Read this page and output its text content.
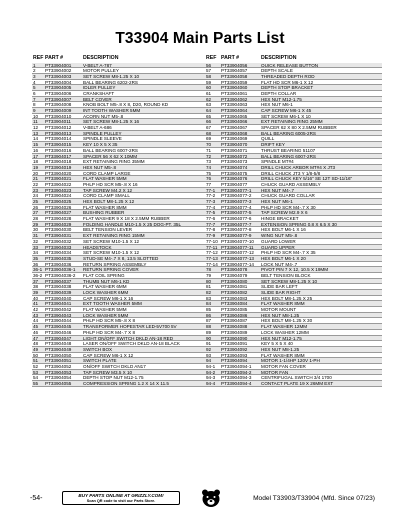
T33904 Main Parts List
REF PART #	DESCRIPTION
1	PT33904001	V-BELT A-787
2	PT33904002	MOTOR PULLEY
3	PT33904003	SET SCREW M8-1.25 X 10
4	PT33904004	BALL BEARING 6202-2RS
5	PT33904005	IDLER PULLEY
6	PT33904006	CRANKSHAFT
7	PT33904007	BELT COVER
8	PT33904008	KNOB BOLT M5-.8 X 8, D20, ROUND KD
9	PT33904009	INT TOOTH WASHER 5MM
10	PT33904010	ACORN NUT M5-.8
11	PT33904011	SET SCREW M8-1.25 X 16
12	PT33904012	V-BELT A-686
13	PT33904013	SPINDLE PULLEY
14	PT33904014	SPINDLE SLEEVE
15	PT33904015	KEY 10 X 5 X 35
16	PT33904016	BALL BEARING 6007-2RS
17	PT33904017	SPACER 56 X 62 X 10MM
18	PT33904018	EXT RETAINING RING 35MM
19	PT33904019	HEX NUT M5-.8
20	PT33904020	CORD CLAMP LARGE
21	PT33904021	FLAT WASHER 5MM
22	PT33904022	PHLP HD SCR M5-.8 X 16
23	PT33904023	TAP SCREW M4.2 X 12
24	PT33904024	CORD CLAMP SMALL
25	PT33904025	HEX BOLT M8-1.25 X 12
26	PT33904026	FLAT WASHER 8MM
27	PT33904027	BUSHING RUBBER
28	PT33904028	FLAT WASHER 9 X 18 X 2.5MM RUBBER
29	PT33904029	FOLDING HANDLE M10-1.5 X 25 DOG-PT, 35L
30	PT33904030	BELT TENSION LEVER
31	PT33904031	EXT RETAINING RING 15MM
32	PT33904032	SET SCREW M10-1.5 X 12
33	PT33904033	HEADSTOCK
34	PT33904034	SET SCREW M10-1.5 X 12
35	PT33904035	STUD-SE M4-.7 X 8, 13.5 SLOTTED
36	PT33904036	RETURN SPRING ASSEMBLY
36-1 PT33904036-1	RETURN SPRING COVER
36-2 PT33904036-2	FLAT COIL SPRING
37	PT33904037	THUMB NUT M6-1 KD
38	PT33904038	FLAT WASHER 6MM
39	PT33904039	LOCK WASHER 6MM
40	PT33904040	CAP SCREW M6-1 X 16
41	PT33904041	EXT TOOTH WASHER 5MM
42	PT33904042	FLAT WASHER 5MM
43	PT33904043	LOCK WASHER 5MM
44	PT33904044	PHLP HD SCR M5-.8 X 8
45	PT33904045	TRANSFORMER HOPESTAR LED-5V700 5V
46	PT33904046	PHLP HD SCR M4-.7 X 8
47	PT33904047	LIGHT ON/OFF SWITCH DKLD AN-18 RED
48	PT33904048	LASER ON/OFF SWITCH DKLD AN-18 BLACK
49	PT33904049	SWITCH BOX
50	PT33904050	CAP SCREW M6-1 X 12
51	PT33904051	SWITCH PLATE
52	PT33904052	ON/OFF SWITCH DKLD AN17
53	PT33904053	TAP SCREW M3.5 X 10
54	PT33904054	DEPTH STOP NUT M12-1.75
55	PT33904055	COMPRESSION SPRING 1.2 X 14 X 11.5
REF PART #	DESCRIPTION
56	PT33904056	QUICK RELEASE BUTTON
57	PT33904057	DEPTH SCALE
58	PT33904058	THREADED DEPTH ROD
59	PT33904059	FLAT HD SCR M6-1 X 12
60	PT33904060	DEPTH STOP BRACKET
61	PT33904061	DEPTH COLLAR
62	PT33904062	HEX NUT M12-1.75
63	PT33904063	HEX NUT M6-1
64	PT33904064	CAP SCREW M6-1 X 45
65	PT33904065	SET SCREW M6-1 X 10
66	PT33904066	EXT RETAINING RING 25MM
67	PT33904067	SPACER 62 X 80 X 2.5MM RUBBER
68	PT33904068	BALL BEARING 6005-2RS
69	PT33904069	QUILL
70	PT33904070	DRIFT KEY
71	PT33904071	THRUST BEARING 51107
72	PT33904072	BALL BEARING 6007-2RS
73	PT33904073	SPINDLE MT#4
74	PT33904074	DRILL CHUCK ARBOR MT#4 X JT3
75	PT33904075	DRILL CHUCK JT3 Y 1/8-5/8
76	PT33904076	DRILL CHUCK KEY 5/16" SE 12T SD-11/16"
77	PT33904077	CHUCK GUARD ASSEMBLY
77-1	PT33904077-1	HEX NUT M4-.7
77-2	PT33904077-2	CHUCK GUARD COLLAR
77-3	PT33904077-3	HEX NUT M6-1
77-4	PT33904077-4	PHLP HD SCR M4-.7 X 30
77-5	PT33904077-5	TAP SCREW M2.9 X 6
77-6	PT33904077-6	HINGE BRACKET
77-7	PT33904077-7	EXTENSION SPRING 0.8 X 6.5 X 30
77-8	PT33904077-8	HEX BOLT M6-1 X 16
77-9	PT33904077-9	WING NUT M5-.8
77-10 PT33904077-10	GUARD LOWER
77-11 PT33904077-11	GUARD UPPER
77-12 PT33904077-12	PHLP HD SCR M4-.7 X 35
77-13 PT33904077-13	HEX BOLT M6-1 X 20
77-14 PT33904077-14	LOCK NUT M4-.7
78	PT33904078	PIVOT PIN 7 X 12, 10.5 X 19MM
79	PT33904079	BELT TENSION BLOCK
80	PT33904080	SET SCREW M8-1.25 X 10
81	PT33904081	SLIDE BAR LEFT
82	PT33904082	SLIDE BAR RIGHT
83	PT33904083	HEX BOLT M8-1.25 X 25
84	PT33904084	FLAT WASHER 8MM
85	PT33904085	MOTOR MOUNT
86	PT33904086	HEX NUT M8-1.25
87	PT33904087	HEX BOLT M8-1.25 X 30
88	PT33904088	FLAT WASHER 12MM
89	PT33904089	LOCK WASHER 12MM
90	PT33904090	HEX NUT M12-1.75
91	PT33904091	KEY 5 X 5 X 40
92	PT33904092	HEX NUT M8-1.25
93	PT33904093	FLAT WASHER 8MM
94	PT33904094	MOTOR 1-1/4HP 120V 1-PH
94-1	PT33904094-1	MOTOR FAN COVER
94-2	PT33904094-2	MOTOR FAN
94-3	PT33904094-3	CENTRIFUGAL SWITCH 3/4 1700
94-4	PT33904094-4	CONTACT PLATE 19 X 26MM EXT
-54-	BUY PARTS ONLINE AT GRIZZLY.COM!
Scan QR code to visit our Parts Store.	Model T33903/T33904 (Mfd. Since 07/23)
